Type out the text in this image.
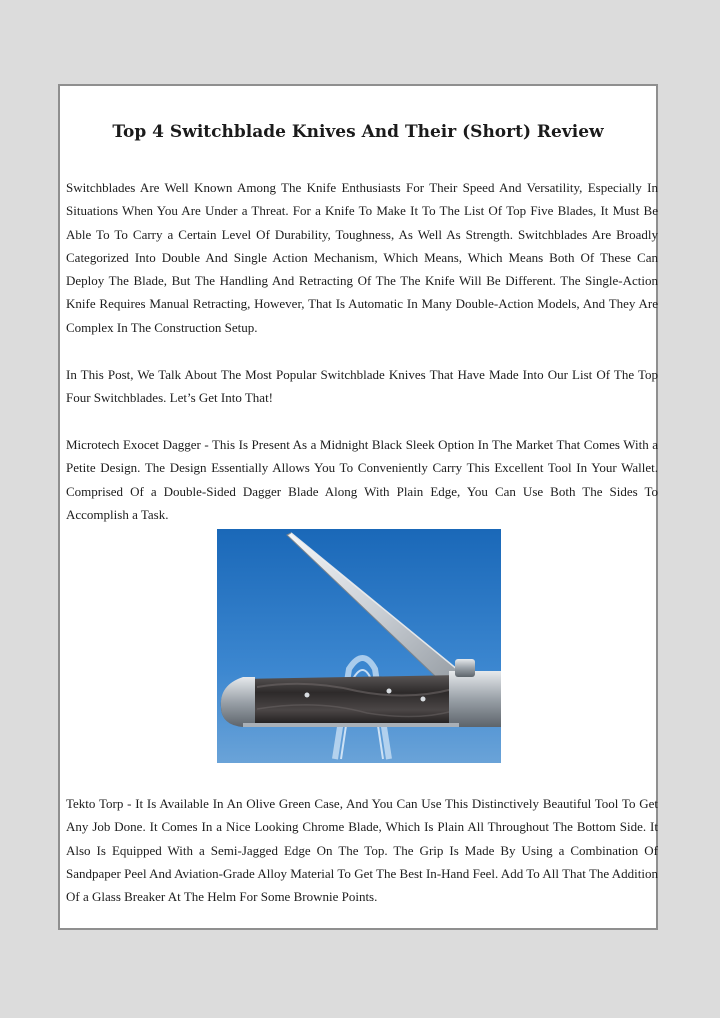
Top 4 Switchblade Knives And Their (Short) Review

Switchblades Are Well Known Among The Knife Enthusiasts For Their Speed And Versatility, Especially In Situations When You Are Under a Threat. For a Knife To Make It To The List Of Top Five Blades, It Must Be Able To To Carry a Certain Level Of Durability, Toughness, As Well As Strength. Switchblades Are Broadly Categorized Into Double And Single Action Mechanism, Which Means, Which Means Both Of These Can Deploy The Blade, But The Handling And Retracting Of The The Knife Will Be Different. The Single-Action Knife Requires Manual Retracting, However, That Is Automatic In Many Double-Action Models, And They Are Complex In The Construction Setup.

In This Post, We Talk About The Most Popular Switchblade Knives That Have Made Into Our List Of The Top Four Switchblades. Let’s Get Into That!

Microtech Exocet Dagger - This Is Present As a Midnight Black Sleek Option In The Market That Comes With a Petite Design. The Design Essentially Allows You To Conveniently Carry This Excellent Tool In Your Wallet. Comprised Of a Double-Sided Dagger Blade Along With Plain Edge, You Can Use Both The Sides To Accomplish a Task.

Tekto Torp - It Is Available In An Olive Green Case, And You Can Use This Distinctively Beautiful Tool To Get Any Job Done. It Comes In a Nice Looking Chrome Blade, Which Is Plain All Throughout The Bottom Side. It Also Is Equipped With a Semi-Jagged Edge On The Top. The Grip Is Made By Using a Combination Of Sandpaper Peel And Aviation-Grade Alloy Material To Get The Best In-Hand Feel. Add To All That The Addition Of a Glass Breaker At The Helm For Some Brownie Points.
